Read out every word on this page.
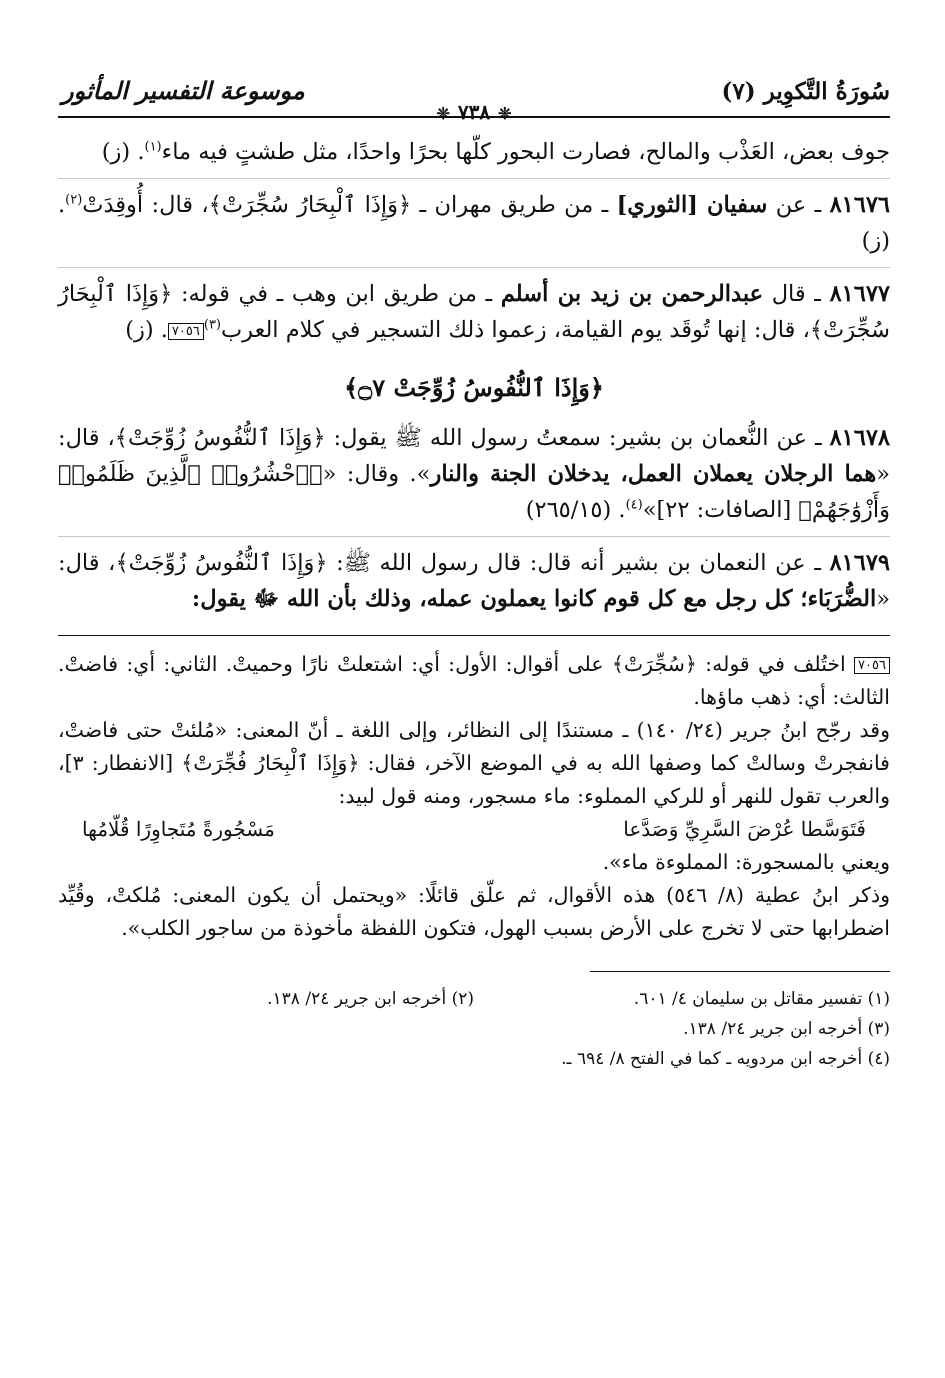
سُورَةُ التَّكوِير (٧)
موسوعة التفسير المأثور
❊٧٣٨❊

جوف بعض، العَذْب والمالح، فصارت البحور كلّها بحرًا واحدًا، مثل طشتٍ فيه ماء$^{(١)}$. (ز)

٨١٦٧٦ ـ عن سفيان [الثوري] ـ من طريق مهران ـ ﴿وَإِذَا ٱلْبِحَارُ سُجِّرَتْ﴾، قال: أُوقِدَتْ$^{(٢)}$. (ز)

٨١٦٧٧ ـ قال عبدالرحمن بن زيد بن أسلم ـ من طريق ابن وهب ـ في قوله: ﴿وَإِذَا ٱلْبِحَارُ سُجِّرَتْ﴾، قال: إنها تُوقَد يوم القيامة، زعموا ذلك التسجير في كلام العرب$^{(٣)}$٧٠٥٦. (ز)

﴿وَإِذَا ٱلنُّفُوسُ زُوِّجَتْ ۝٧﴾

٨١٦٧٨ ـ عن النُّعمان بن بشير: سمعتُ رسول الله ﷺ يقول: ﴿وَإِذَا ٱلنُّفُوسُ زُوِّجَتْ﴾، قال: «هما الرجلان يعملان العمل، يدخلان الجنة والنار». وقال: «﴿ٱحْشُرُوا۟ ٱلَّذِينَ ظَلَمُوا۟ وَأَزْوَٰجَهُمْ﴾ [الصافات: ٢٢]»$^{(٤)}$. (٢٦٥/١٥)

٨١٦٧٩ ـ عن النعمان بن بشير أنه قال: قال رسول الله ﷺ: ﴿وَإِذَا ٱلنُّفُوسُ زُوِّجَتْ﴾، قال: «الضُّرَبَاء؛ كل رجل مع كل قوم كانوا يعملون عمله، وذلك بأن الله ﷻ يقول:

٧٠٥٦ اختُلف في قوله: ﴿سُجِّرَتْ﴾ على أقوال: الأول: أي: اشتعلتْ نارًا وحميتْ. الثاني: أي: فاضتْ. الثالث: أي: ذهب ماؤها.
وقد رجّح ابنُ جرير (٢٤/ ١٤٠) ـ مستندًا إلى النظائر، وإلى اللغة ـ أنّ المعنى: «مُلئتْ حتى فاضتْ، فانفجرتْ وسالتْ كما وصفها الله به في الموضع الآخر، فقال: ﴿وَإِذَا ٱلْبِحَارُ فُجِّرَتْ﴾ [الانفطار: ٣]، والعرب تقول للنهر أو للركي المملوء: ماء مسجور، ومنه قول لبيد:
فَتَوَسَّطا عُرْضَ السَّرِيِّ وَصَدَّعا
مَسْجُورةً مُتَجاوِرًا قُلّامُها
ويعني بالمسجورة: المملوءة ماء».
وذكر ابنُ عطية (٨/ ٥٤٦) هذه الأقوال، ثم علّق قائلًا: «ويحتمل أن يكون المعنى: مُلكتْ، وقُيِّد اضطرابها حتى لا تخرج على الأرض بسبب الهول، فتكون اللفظة مأخوذة من ساجور الكلب».
(١) تفسير مقاتل بن سليمان ٤/ ٦٠١.
(٢) أخرجه ابن جرير ٢٤/ ١٣٨.
(٣) أخرجه ابن جرير ٢٤/ ١٣٨.
(٤) أخرجه ابن مردويه ـ كما في الفتح ٨/ ٦٩٤ ـ.
